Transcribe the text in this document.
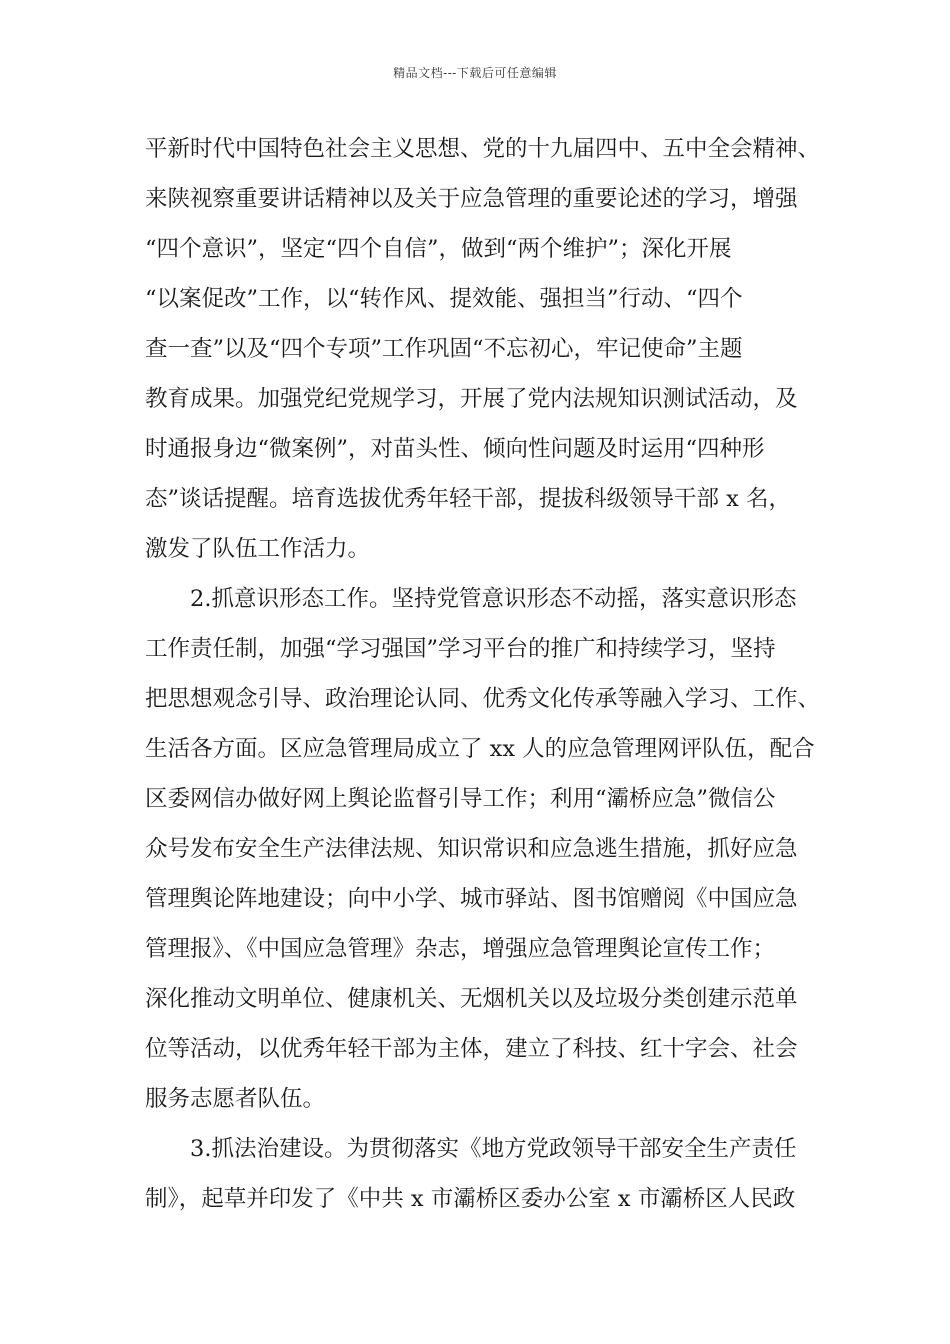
精品文档---下载后可任意编辑
平新时代中国特色社会主义思想、党的十九届四中、五中全会精神、
来陕视察重要讲话精神以及关于应急管理的重要论述的学习，增强
“四个意识”，坚定“四个自信”，做到“两个维护”；深化开展
“以案促改”工作，以“转作风、提效能、强担当”行动、“四个
查一查”以及“四个专项”工作巩固“不忘初心，牢记使命”主题
教育成果。加强党纪党规学习，开展了党内法规知识测试活动，及
时通报身边“微案例”，对苗头性、倾向性问题及时运用“四种形
态”谈话提醒。培育选拔优秀年轻干部，提拔科级领导干部 x 名，
激发了队伍工作活力。
2.抓意识形态工作。坚持党管意识形态不动摇，落实意识形态
工作责任制，加强“学习强国”学习平台的推广和持续学习，坚持
把思想观念引导、政治理论认同、优秀文化传承等融入学习、工作、
生活各方面。区应急管理局成立了 xx 人的应急管理网评队伍，配合
区委网信办做好网上舆论监督引导工作；利用“灞桥应急”微信公
众号发布安全生产法律法规、知识常识和应急逃生措施，抓好应急
管理舆论阵地建设；向中小学、城市驿站、图书馆赠阅《中国应急
管理报》、《中国应急管理》杂志，增强应急管理舆论宣传工作；
深化推动文明单位、健康机关、无烟机关以及垃圾分类创建示范单
位等活动，以优秀年轻干部为主体，建立了科技、红十字会、社会
服务志愿者队伍。
3.抓法治建设。为贯彻落实《地方党政领导干部安全生产责任
制》，起草并印发了《中共 x 市灞桥区委办公室 x 市灞桥区人民政
